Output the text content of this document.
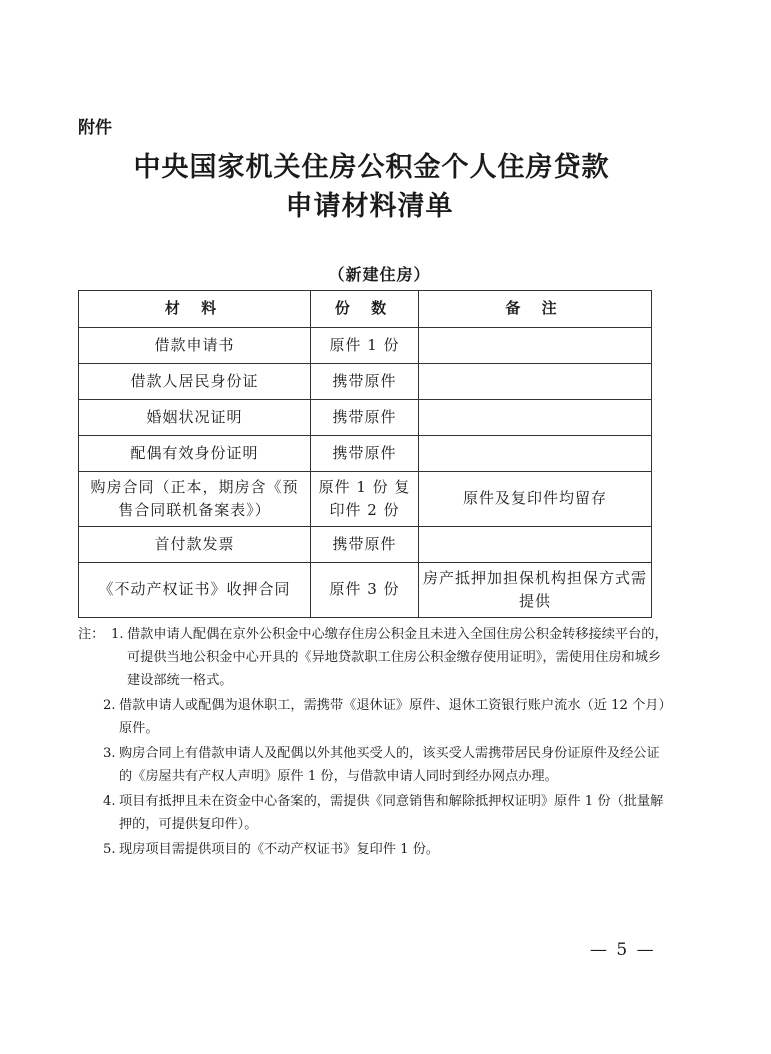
附件
中央国家机关住房公积金个人住房贷款
申请材料清单
（新建住房）
材 料	份 数	备 注
借款申请书	原件 1 份	
借款人居民身份证	携带原件	
婚姻状况证明	携带原件	
配偶有效身份证明	携带原件	
购房合同（正本，期房含《预售合同联机备案表》）	原件 1 份 复印件 2 份	原件及复印件均留存
首付款发票	携带原件	
《不动产权证书》收押合同	原件 3 份	房产抵押加担保机构担保方式需提供
注： 1. 借款申请人配偶在京外公积金中心缴存住房公积金且未进入全国住房公积金转移接续平台的，可提供当地公积金中心开具的《异地贷款职工住房公积金缴存使用证明》，需使用住房和城乡建设部统一格式。
2. 借款申请人或配偶为退休职工，需携带《退休证》原件、退休工资银行账户流水（近 12 个月）原件。
3. 购房合同上有借款申请人及配偶以外其他买受人的，该买受人需携带居民身份证原件及经公证的《房屋共有产权人声明》原件 1 份，与借款申请人同时到经办网点办理。
4. 项目有抵押且未在资金中心备案的，需提供《同意销售和解除抵押权证明》原件 1 份（批量解押的，可提供复印件）。
5. 现房项目需提供项目的《不动产权证书》复印件 1 份。
— 5 —
